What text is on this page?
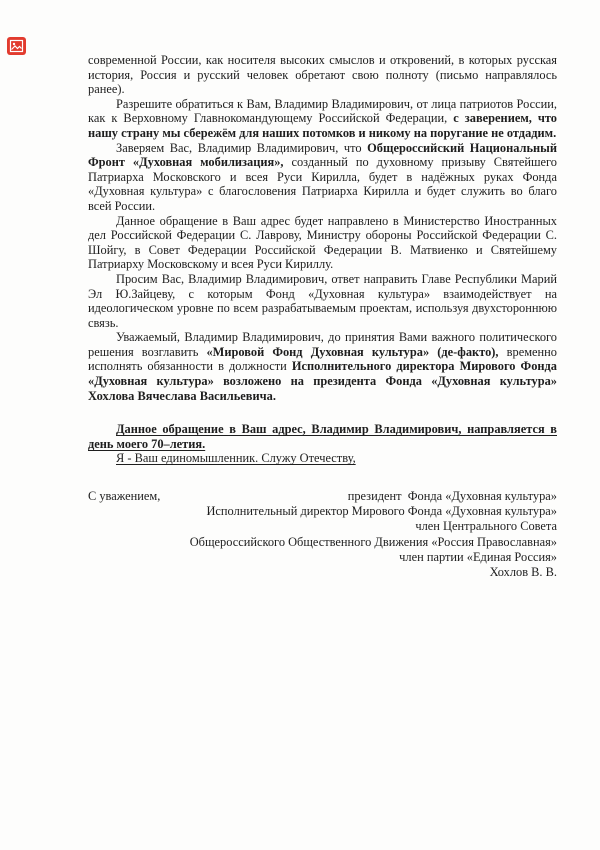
современной России, как носителя высоких смыслов и откровений, в которых русская история, Россия и русский человек обретают свою полноту (письмо направлялось ранее).

Разрешите обратиться к Вам, Владимир Владимирович, от лица патриотов России, как к Верховному Главнокомандующему Российской Федерации, с заверением, что нашу страну мы сбережём для наших потомков и никому на поругание не отдадим.

Заверяем Вас, Владимир Владимирович, что Общероссийский Национальный Фронт «Духовная мобилизация», созданный по духовному призыву Святейшего Патриарха Московского и всея Руси Кирилла, будет в надёжных руках Фонда «Духовная культура» с благословения Патриарха Кирилла и будет служить во благо всей России.

Данное обращение в Ваш адрес будет направлено в Министерство Иностранных дел Российской Федерации С. Лаврову, Министру обороны Российской Федерации С. Шойгу, в Совет Федерации Российской Федерации В. Матвиенко и Святейшему Патриарху Московскому и всея Руси Кириллу.

Просим Вас, Владимир Владимирович, ответ направить Главе Республики Марий Эл Ю.Зайцеву, с которым Фонд «Духовная культура» взаимодействует на идеологическом уровне по всем разрабатываемым проектам, используя двухстороннюю связь.

Уважаемый, Владимир Владимирович, до принятия Вами важного политического решения возглавить «Мировой Фонд Духовная культура» (де-факто), временно исполнять обязанности в должности Исполнительного директора Мирового Фонда «Духовная культура» возложено на президента Фонда «Духовная культура» Хохлова Вячеслава Васильевича.

Данное обращение в Ваш адрес, Владимир Владимирович, направляется в день моего 70–летия.

Я - Ваш единомышленник. Служу Отечеству,

С уважением,	президент  Фонда «Духовная культура»
Исполнительный директор Мирового Фонда «Духовная культура»
член Центрального Совета
Общероссийского Общественного Движения «Россия Православная»
член партии «Единая Россия»
Хохлов В. В.
